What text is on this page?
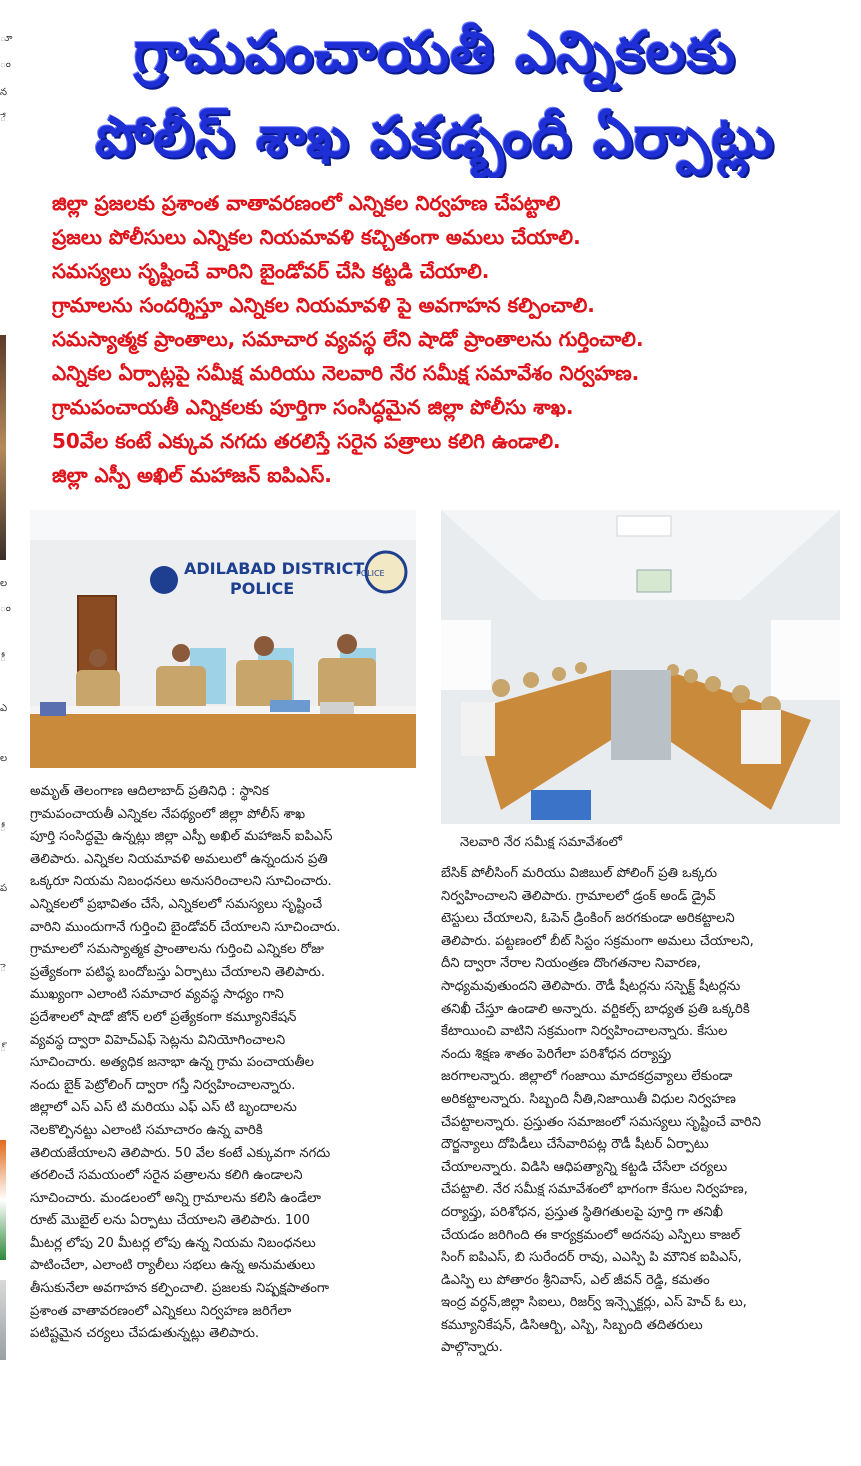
ూ
ం
న
ే
ల
ం
ీ
ఎ
ల
ీ
ప
ె
్
గ్రామపంచాయతీ ఎన్నికలకు
పోలీస్ శాఖ పకడ్బందీ ఏర్పాట్లు
జిల్లా ప్రజలకు ప్రశాంత వాతావరణంలో ఎన్నికల నిర్వహణ చేపట్టాలి
ప్రజలు పోలీసులు ఎన్నికల నియమావళి కచ్చితంగా అమలు చేయాలి.
సమస్యలు సృష్టించే వారిని బైండోవర్ చేసి కట్టడి చేయాలి.
గ్రామాలను సందర్శిస్తూ ఎన్నికల నియమావళి పై అవగాహన కల్పించాలి.
సమస్యాత్మక ప్రాంతాలు, సమాచార వ్యవస్థ లేని షాడో ప్రాంతాలను గుర్తించాలి.
ఎన్నికల ఏర్పాట్లపై సమీక్ష మరియు నెలవారి నేర సమీక్ష సమావేశం నిర్వహణ.
గ్రామపంచాయతీ ఎన్నికలకు పూర్తిగా సంసిద్ధమైన జిల్లా పోలీసు శాఖ.
50వేల కంటే ఎక్కువ నగదు తరలిస్తే సరైన పత్రాలు కలిగి ఉండాలి.
జిల్లా ఎస్పీ అఖిల్ మహాజన్ ఐపిఎస్.
POLICE
ADILABAD DISTRICT
POLICE
నెలవారి నేర సమీక్ష సమావేశంలో

అమృత్ తెలంగాణ ఆదిలాబాద్ ప్రతినిధి : స్థానిక

గ్రామపంచాయతీ ఎన్నికల నేపథ్యంలో జిల్లా పోలీస్ శాఖ

పూర్తి సంసిద్ధమై ఉన్నట్లు జిల్లా ఎస్పీ అఖిల్ మహాజన్ ఐపిఎస్

తెలిపారు. ఎన్నికల నియమావళి అమలులో ఉన్నందున ప్రతి

ఒక్కరూ నియమ నిబంధనలు అనుసరించాలని సూచించారు.

ఎన్నికలలో ప్రభావితం చేసే, ఎన్నికలలో సమస్యలు సృష్టించే

వారిని ముందుగానే గుర్తించి బైండోవర్ చేయాలని సూచించారు.

గ్రామాలలో సమస్యాత్మక ప్రాంతాలను గుర్తించి ఎన్నికల రోజు

ప్రత్యేకంగా పటిష్ఠ బందోబస్తు ఏర్పాటు చేయాలని తెలిపారు.

ముఖ్యంగా ఎలాంటి సమాచార వ్యవస్థ సాధ్యం గాని

ప్రదేశాలలో షాడో జోన్ లలో ప్రత్యేకంగా కమ్యూనికేషన్

వ్యవస్థ ద్వారా విహెచ్ఎఫ్ సెట్లను వినియోగించాలని

సూచించారు. అత్యధిక జనాభా ఉన్న గ్రామ పంచాయతీల

నందు బైక్ పెట్రోలింగ్ ద్వారా గస్తీ నిర్వహించాలన్నారు.

జిల్లాలో ఎస్ ఎస్ టి మరియు ఎఫ్ ఎస్ టి బృందాలను

నెలకొల్పినట్టు ఎలాంటి సమాచారం ఉన్న వారికి

తెలియజేయాలని తెలిపారు. 50 వేల కంటే ఎక్కువగా నగదు

తరలించే సమయంలో సరైన పత్రాలను కలిగి ఉండాలని

సూచించారు. మండలంలో అన్ని గ్రామాలను కలిసి ఉండేలా

రూట్ మొబైల్ లను ఏర్పాటు చేయాలని తెలిపారు. 100

మీటర్ల లోపు 20 మీటర్ల లోపు ఉన్న నియమ నిబంధనలు

పాటించేలా, ఎలాంటి ర్యాలీలు సభలు ఉన్న అనుమతులు

తీసుకునేలా అవగాహన కల్పించాలి. ప్రజలకు నిష్పక్షపాతంగా

ప్రశాంత వాతావరణంలో ఎన్నికలు నిర్వహణ జరిగేలా

పటిష్టమైన చర్యలు చేపడుతున్నట్లు తెలిపారు.

బేసిక్ పోలీసింగ్ మరియు విజిబుల్ పోలింగ్ ప్రతి ఒక్కరు

నిర్వహించాలని తెలిపారు. గ్రామాలలో డ్రంక్ అండ్ డ్రైవ్

టెస్టులు చేయాలని, ఓపెన్ డ్రింకింగ్ జరగకుండా అరికట్టాలని

తెలిపారు. పట్టణంలో బీట్ సిస్టం సక్రమంగా అమలు చేయాలని,

దీని ద్వారా నేరాల నియంత్రణ దొంగతనాల నివారణ,

సాధ్యమవుతుందని తెలిపారు. రౌడీ షీటర్లను సస్పెక్ట్ షీటర్లను

తనిఖీ చేస్తూ ఉండాలి అన్నారు. వర్టికల్స్ బాధ్యత ప్రతి ఒక్కరికి

కేటాయించి వాటిని సక్రమంగా నిర్వహించాలన్నారు. కేసుల

నందు శిక్షణ శాతం పెరిగేలా పరిశోధన దర్యాప్తు

జరగాలన్నారు. జిల్లాలో గంజాయి మాదకద్రవ్యాలు లేకుండా

అరికట్టాలన్నారు. సిబ్బంది నీతి,నిజాయితీ విధుల నిర్వహణ

చేపట్టాలన్నారు. ప్రస్తుతం సమాజంలో సమస్యలు సృష్టించే వారిని

దౌర్జన్యాలు దోపిడీలు చేసేవారిపట్ల రౌడీ షీటర్ ఏర్పాటు

చేయాలన్నారు. విడిసి ఆధిపత్యాన్ని కట్టడి చేసేలా చర్యలు

చేపట్టాలి. నేర సమీక్ష సమావేశంలో భాగంగా కేసుల నిర్వహణ,

దర్యాప్తు, పరిశోధన, ప్రస్తుత స్థితిగతులపై పూర్తి గా తనిఖీ

చేయడం జరిగింది ఈ కార్యక్రమంలో అదనపు ఎస్పిలు కాజల్

సింగ్ ఐపిఎస్, బి సురేందర్ రావు, ఎఎస్పి పి మౌనిక ఐపిఎస్,

డిఎస్పి లు పోతారం శ్రీనివాస్, ఎల్ జీవన్ రెడ్డి, కమతం

ఇంద్ర వర్ధన్,జిల్లా సిఐలు, రిజర్వ్ ఇన్స్పెక్టర్లు, ఎస్ హెచ్ ఓ లు,

కమ్యూనికేషన్, డిసిఆర్బి, ఎస్బి, సిబ్బంది తదితరులు

పాల్గొన్నారు.
